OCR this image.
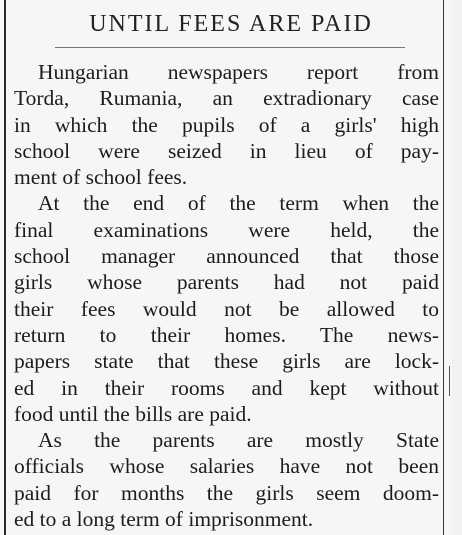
UNTIL FEES ARE PAID

Hungarian newspapers report from
Torda, Rumania, an extradionary case
in which the pupils of a girls' high
school were seized in lieu of pay-
ment of school fees.

At the end of the term when the
final examinations were held, the
school manager announced that those
girls whose parents had not paid
their fees would not be allowed to
return to their homes. The news-
papers state that these girls are lock-
ed in their rooms and kept without
food until the bills are paid.

As the parents are mostly State
officials whose salaries have not been
paid for months the girls seem doom-
ed to a long term of imprisonment.
